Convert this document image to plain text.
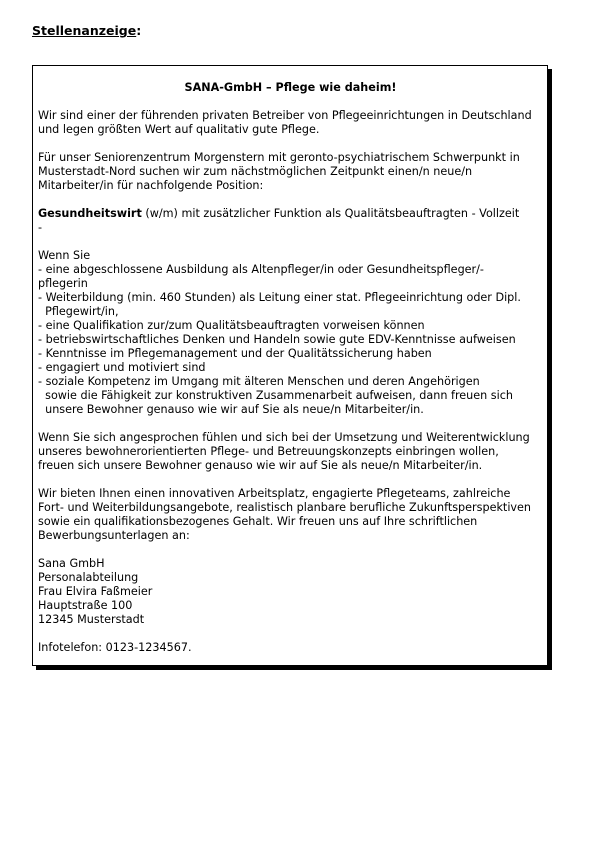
Stellenanzeige:
SANA-GmbH – Pflege wie daheim!
Wir sind einer der führenden privaten Betreiber von Pflegeeinrichtungen in Deutschland
und legen größten Wert auf qualitativ gute Pflege.
Für unser Seniorenzentrum Morgenstern mit geronto-psychiatrischem Schwerpunkt in
Musterstadt-Nord suchen wir zum nächstmöglichen Zeitpunkt einen/n neue/n
Mitarbeiter/in für nachfolgende Position:
Gesundheitswirt (w/m) mit zusätzlicher Funktion als Qualitätsbeauftragten - Vollzeit
-
Wenn Sie
- eine abgeschlossene Ausbildung als Altenpfleger/in oder Gesundheitspfleger/-
pflegerin
- Weiterbildung (min. 460 Stunden) als Leitung einer stat. Pflegeeinrichtung oder Dipl.
Pflegewirt/in,
- eine Qualifikation zur/zum Qualitätsbeauftragten vorweisen können
- betriebswirtschaftliches Denken und Handeln sowie gute EDV-Kenntnisse aufweisen
- Kenntnisse im Pflegemanagement und der Qualitätssicherung haben
- engagiert und motiviert sind
- soziale Kompetenz im Umgang mit älteren Menschen und deren Angehörigen
sowie die Fähigkeit zur konstruktiven Zusammenarbeit aufweisen, dann freuen sich
unsere Bewohner genauso wie wir auf Sie als neue/n Mitarbeiter/in.
Wenn Sie sich angesprochen fühlen und sich bei der Umsetzung und Weiterentwicklung
unseres bewohnerorientierten Pflege- und Betreuungskonzepts einbringen wollen,
freuen sich unsere Bewohner genauso wie wir auf Sie als neue/n Mitarbeiter/in.
Wir bieten Ihnen einen innovativen Arbeitsplatz, engagierte Pflegeteams, zahlreiche
Fort- und Weiterbildungsangebote, realistisch planbare berufliche Zukunftsperspektiven
sowie ein qualifikationsbezogenes Gehalt. Wir freuen uns auf Ihre schriftlichen
Bewerbungsunterlagen an:
Sana GmbH
Personalabteilung
Frau Elvira Faßmeier
Hauptstraße 100
12345 Musterstadt
Infotelefon: 0123-1234567.
